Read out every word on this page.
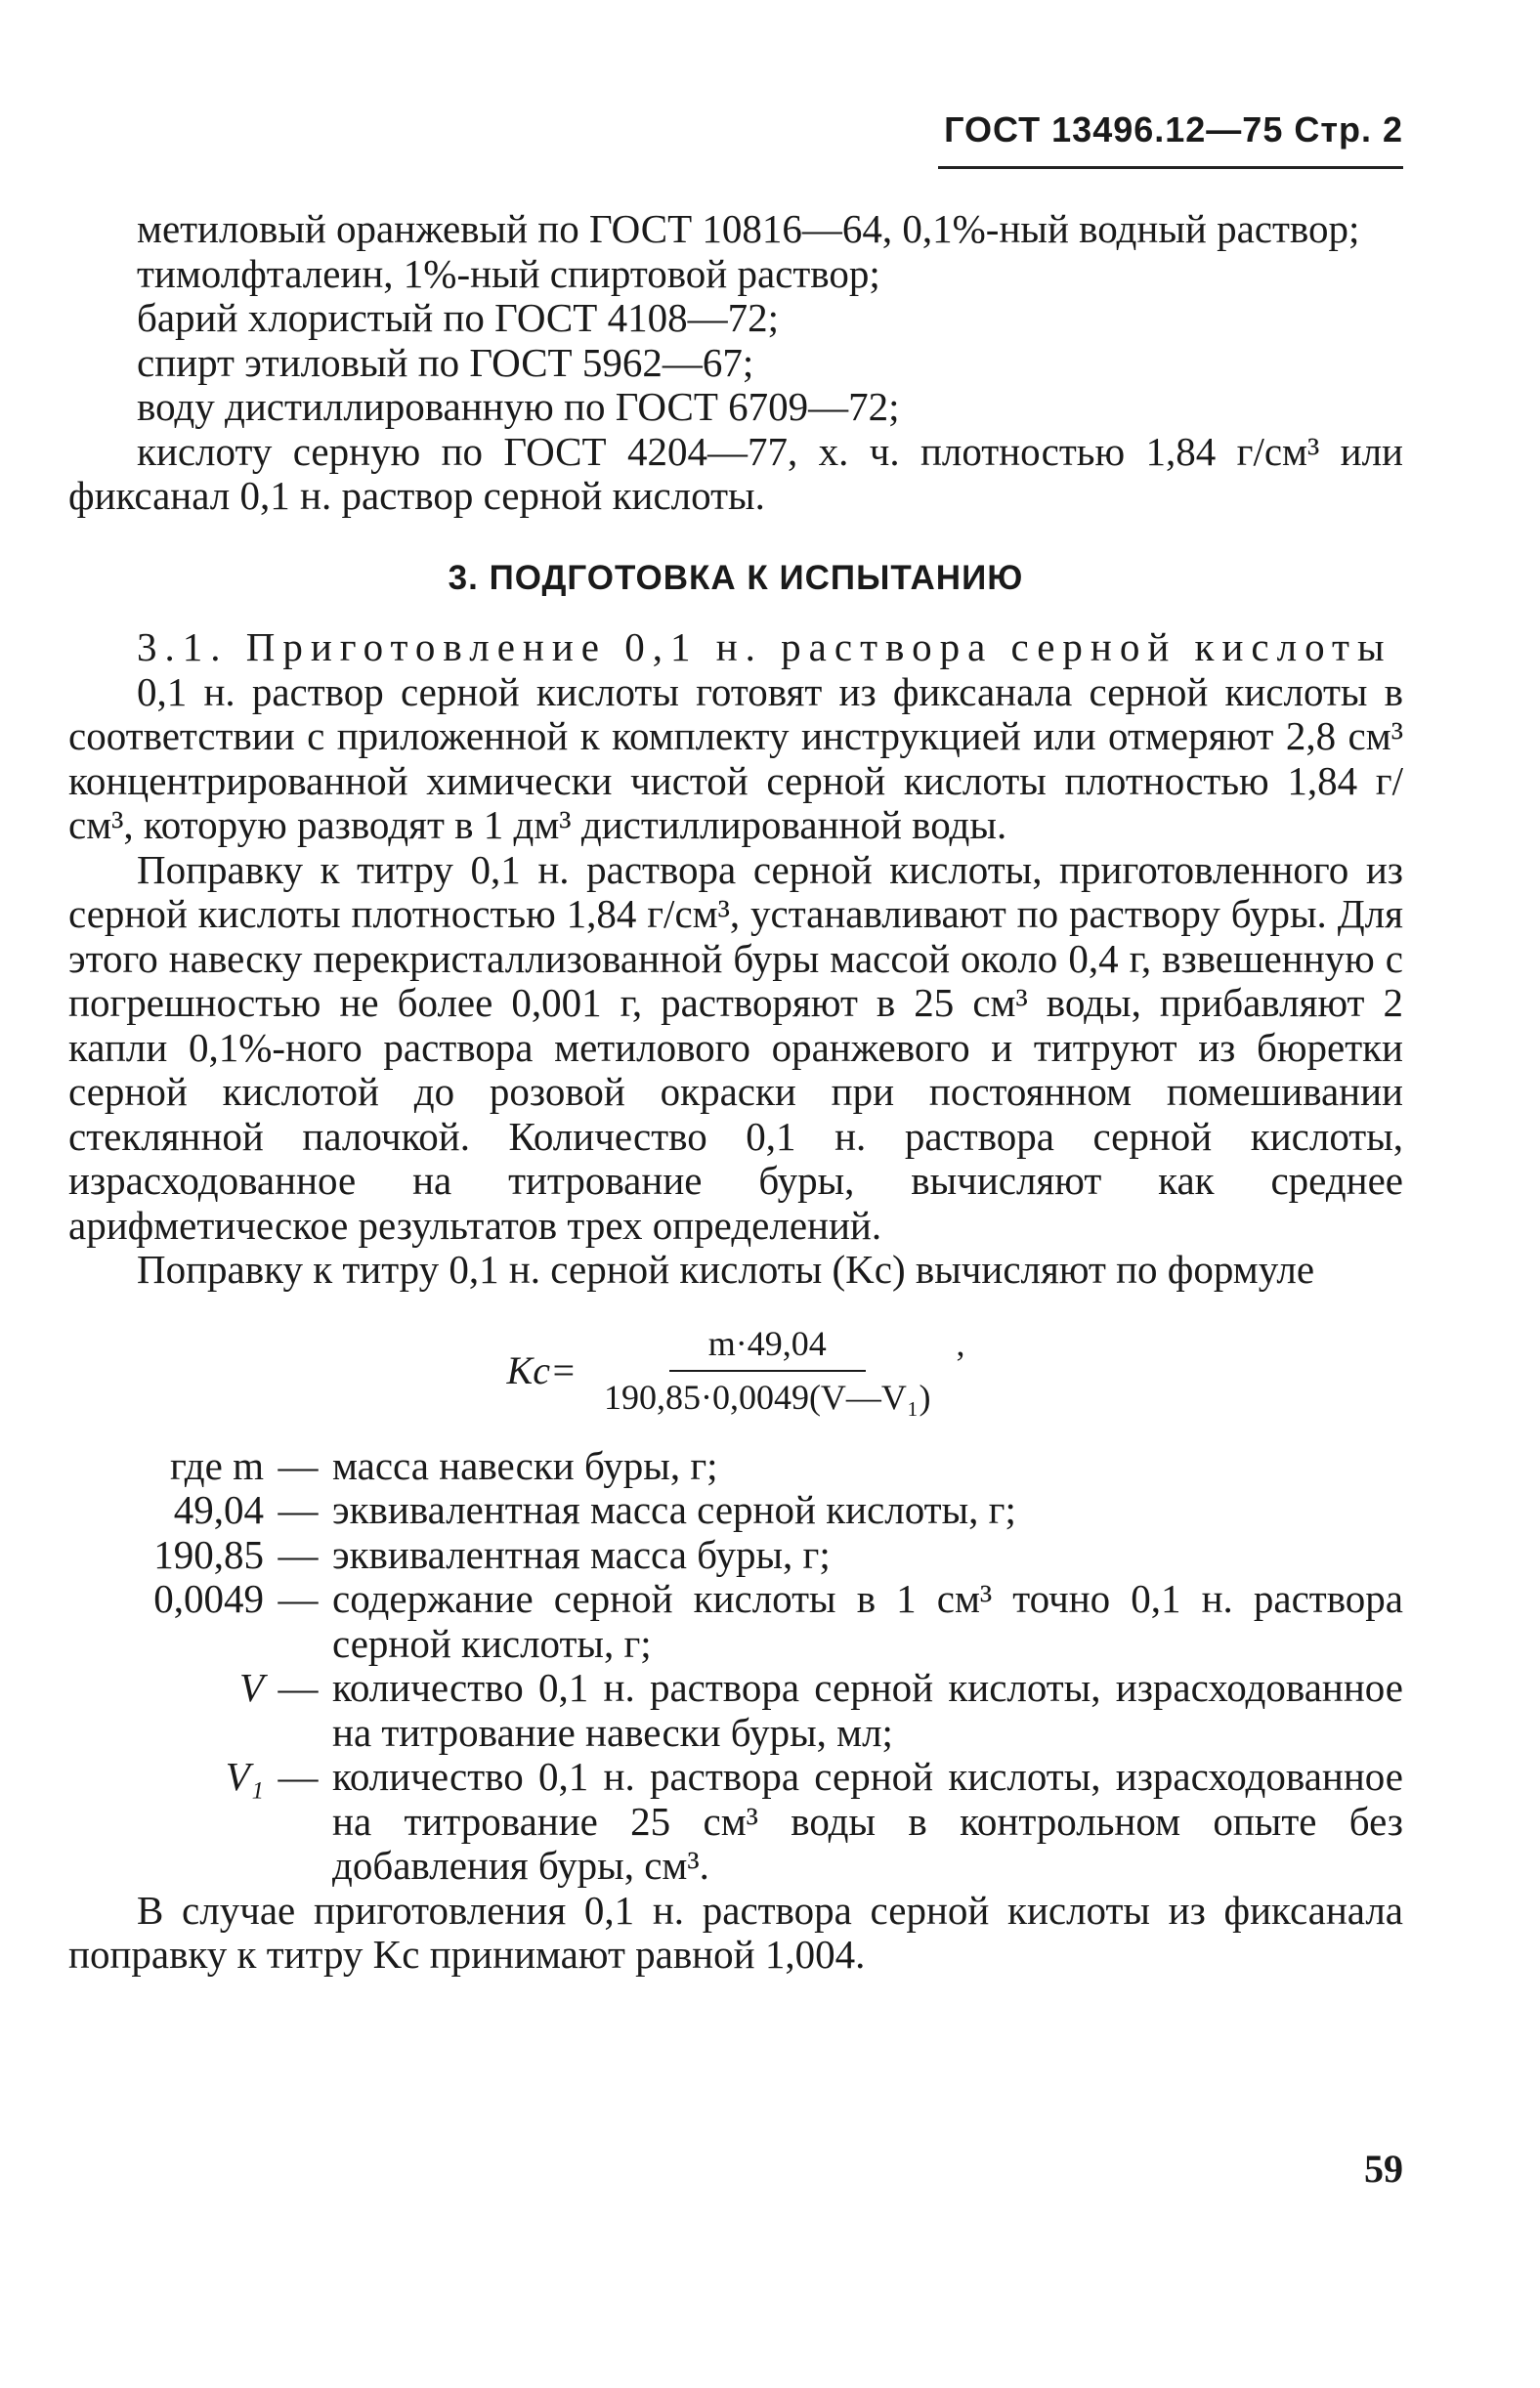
ГОСТ 13496.12—75 Стр. 2

метиловый оранжевый по ГОСТ 10816—64, 0,1%-ный водный раствор;

тимолфталеин, 1%-ный спиртовой раствор;

барий хлористый по ГОСТ 4108—72;

спирт этиловый по ГОСТ 5962—67;

воду дистиллированную по ГОСТ 6709—72;

кислоту серную по ГОСТ 4204—77, х. ч. плотностью 1,84 г/см³ или фиксанал 0,1 н. раствор серной кислоты.

3. ПОДГОТОВКА К ИСПЫТАНИЮ

3.1. Приготовление 0,1 н. раствора серной кислоты

0,1 н. раствор серной кислоты готовят из фиксанала серной кислоты в соответствии с приложенной к комплекту инструкцией или отмеряют 2,8 см³ концентрированной химически чистой серной кислоты плотностью 1,84 г/см³, которую разводят в 1 дм³ дистиллированной воды.

Поправку к титру 0,1 н. раствора серной кислоты, приготовленного из серной кислоты плотностью 1,84 г/см³, устанавливают по раствору буры. Для этого навеску перекристаллизованной буры массой около 0,4 г, взвешенную с погрешностью не более 0,001 г, растворяют в 25 см³ воды, прибавляют 2 капли 0,1%-ного раствора метилового оранжевого и титруют из бюретки серной кислотой до розовой окраски при постоянном помешивании стеклянной палочкой. Количество 0,1 н. раствора серной кислоты, израсходованное на титрование буры, вычисляют как среднее арифметическое результатов трех определений.

Поправку к титру 0,1 н. серной кислоты (Kс) вычисляют по формуле

$Kс= \frac{m\cdot 49,04}{\text{190,85·0,0049(V—V₁)}}$ ,
где m — масса навески буры, г;
49,04 — эквивалентная масса серной кислоты, г;
190,85 — эквивалентная масса буры, г;
0,0049 — содержание серной кислоты в 1 см³ точно 0,1 н. раствора серной кислоты, г;
V — количество 0,1 н. раствора серной кислоты, израсходованное на титрование навески буры, мл;
V₁ — количество 0,1 н. раствора серной кислоты, израсходованное на титрование 25 см³ воды в контрольном опыте без добавления буры, см³.

В случае приготовления 0,1 н. раствора серной кислоты из фиксанала поправку к титру Kс принимают равной 1,004.

59
